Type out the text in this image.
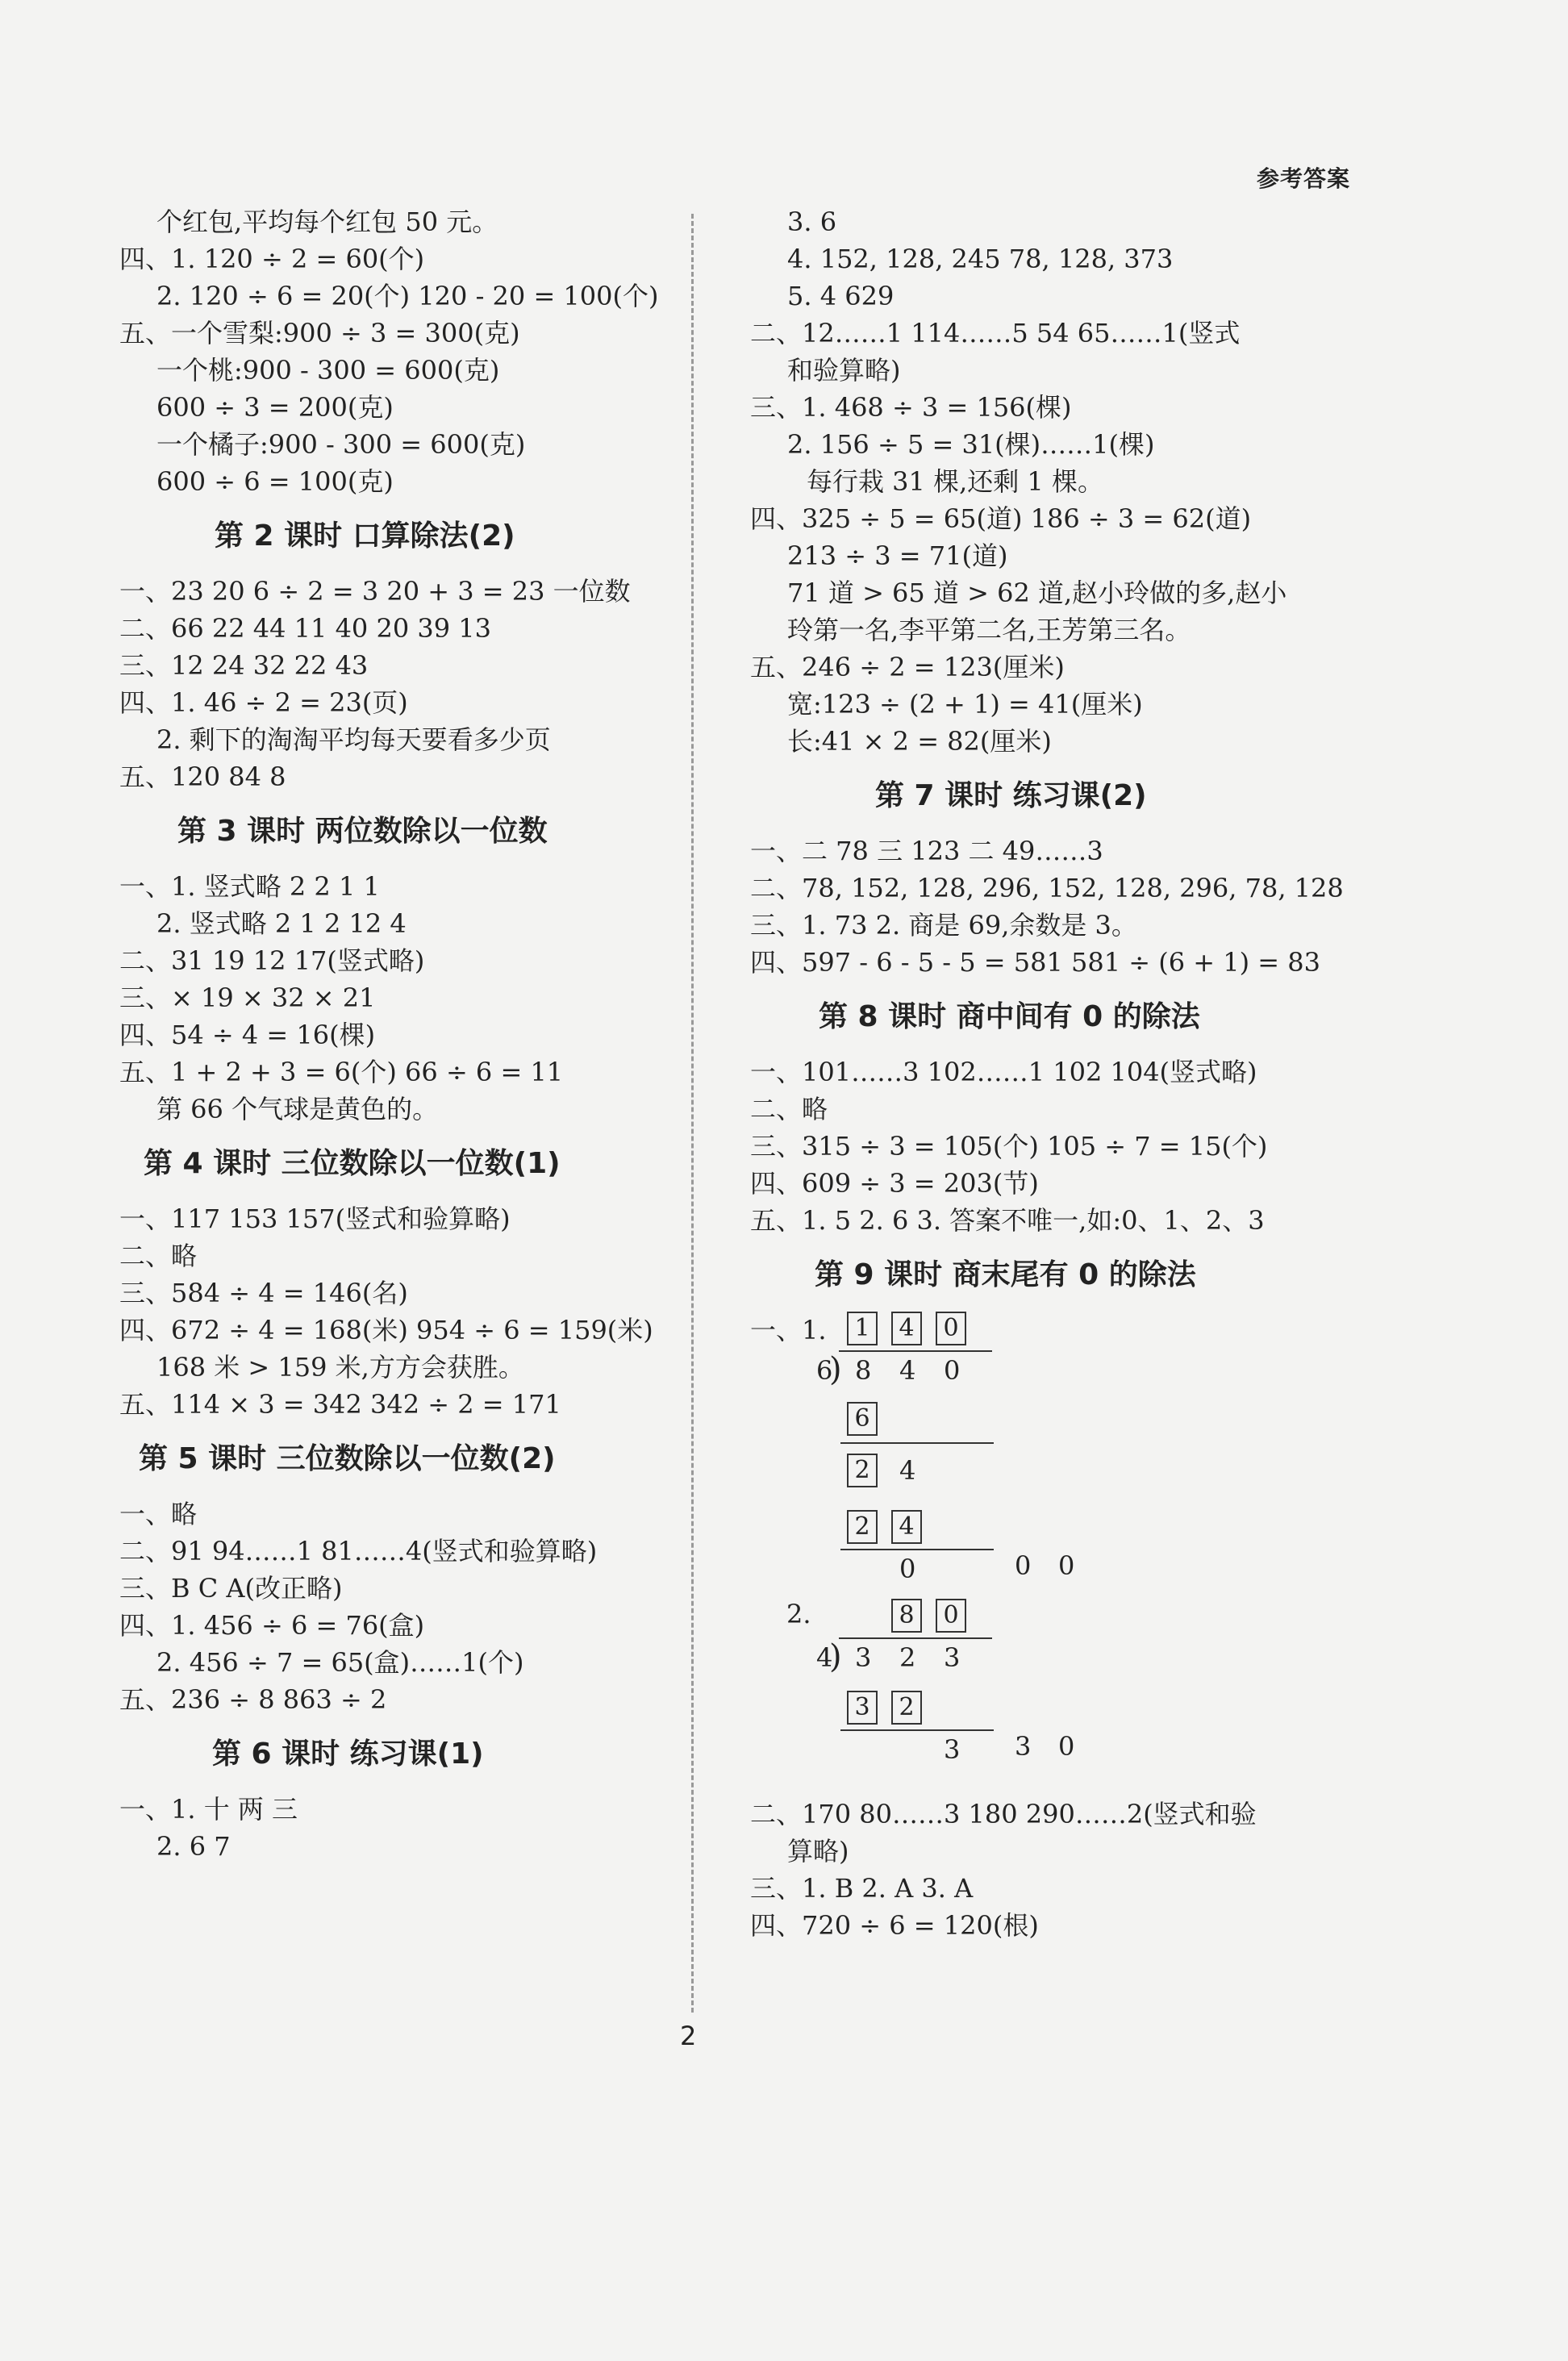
参考答案
个红包,平均每个红包 50 元。
四、1. 120 ÷ 2 = 60(个)
2. 120 ÷ 6 = 20(个) 120 - 20 = 100(个)
五、一个雪梨:900 ÷ 3 = 300(克)
一个桃:900 - 300 = 600(克)
600 ÷ 3 = 200(克)
一个橘子:900 - 300 = 600(克)
600 ÷ 6 = 100(克)
第 2 课时 口算除法(2)
一、23 20 6 ÷ 2 = 3 20 + 3 = 23 一位数
二、66 22 44 11 40 20 39 13
三、12 24 32 22 43
四、1. 46 ÷ 2 = 23(页)
2. 剩下的淘淘平均每天要看多少页
五、120 84 8
第 3 课时 两位数除以一位数
一、1. 竖式略 2 2 1 1
2. 竖式略 2 1 2 12 4
二、31 19 12 17(竖式略)
三、× 19 × 32 × 21
四、54 ÷ 4 = 16(棵)
五、1 + 2 + 3 = 6(个) 66 ÷ 6 = 11
第 66 个气球是黄色的。
第 4 课时 三位数除以一位数(1)
一、117 153 157(竖式和验算略)
二、略
三、584 ÷ 4 = 146(名)
四、672 ÷ 4 = 168(米) 954 ÷ 6 = 159(米)
168 米 > 159 米,方方会获胜。
五、114 × 3 = 342 342 ÷ 2 = 171
第 5 课时 三位数除以一位数(2)
一、略
二、91 94……1 81……4(竖式和验算略)
三、B C A(改正略)
四、1. 456 ÷ 6 = 76(盒)
2. 456 ÷ 7 = 65(盒)……1(个)
五、236 ÷ 8 863 ÷ 2
第 6 课时 练习课(1)
一、1. 十 两 三
2. 6 7
3. 6
4. 152, 128, 245 78, 128, 373
5. 4 629
二、12……1 114……5 54 65……1(竖式
和验算略)
三、1. 468 ÷ 3 = 156(棵)
2. 156 ÷ 5 = 31(棵)……1(棵)
每行栽 31 棵,还剩 1 棵。
四、325 ÷ 5 = 65(道) 186 ÷ 3 = 62(道)
213 ÷ 3 = 71(道)
71 道 > 65 道 > 62 道,赵小玲做的多,赵小
玲第一名,李平第二名,王芳第三名。
五、246 ÷ 2 = 123(厘米)
宽:123 ÷ (2 + 1) = 41(厘米)
长:41 × 2 = 82(厘米)
第 7 课时 练习课(2)
一、二 78 三 123 二 49……3
二、78, 152, 128, 296, 152, 128, 296, 78, 128
三、1. 73 2. 商是 69,余数是 3。
四、597 - 6 - 5 - 5 = 581 581 ÷ (6 + 1) = 83
第 8 课时 商中间有 0 的除法
一、101……3 102……1 102 104(竖式略)
二、略
三、315 ÷ 3 = 105(个) 105 ÷ 7 = 15(个)
四、609 ÷ 3 = 203(节)
五、1. 5 2. 6 3. 答案不唯一,如:0、1、2、3
第 9 课时 商末尾有 0 的除法
一、1.	1	4	0
6
) 8 4 0
6
2 4
2	4
0	0 0
2.	8	0
4
) 3 2 3
3	2
3 3 0
二、170 80……3 180 290……2(竖式和验
算略)
三、1. B 2. A 3. A
四、720 ÷ 6 = 120(根)
2
